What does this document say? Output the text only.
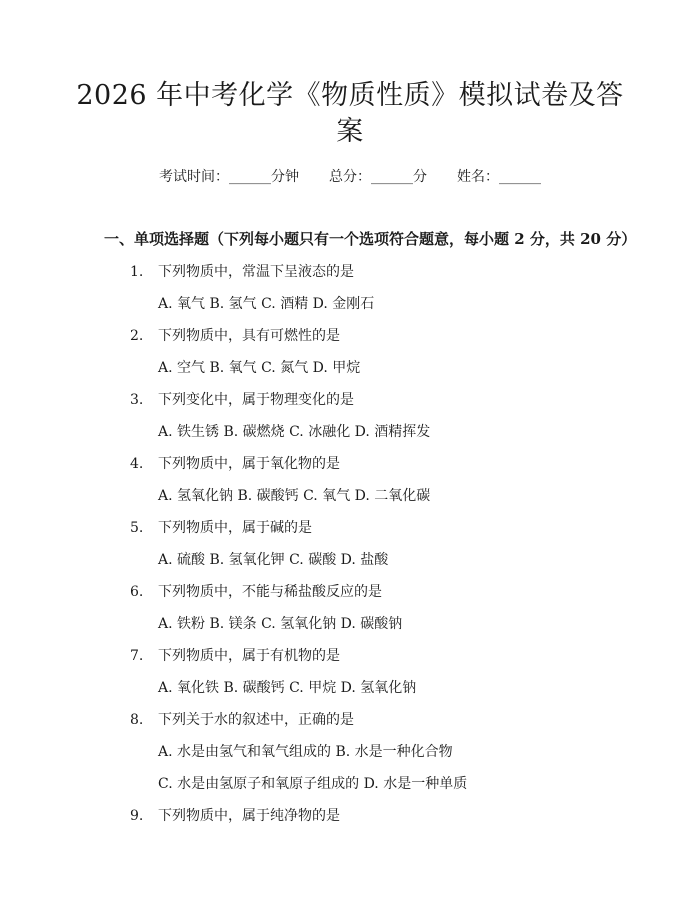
2026 年中考化学《物质性质》模拟试卷及答案
考试时间：______分钟 总分：______分 姓名：______
一、单项选择题（下列每小题只有一个选项符合题意，每小题 2 分，共 20 分）
1. 下列物质中，常温下呈液态的是
A. 氧气 B. 氢气 C. 酒精 D. 金刚石
2. 下列物质中，具有可燃性的是
A. 空气 B. 氧气 C. 氮气 D. 甲烷
3. 下列变化中，属于物理变化的是
A. 铁生锈 B. 碳燃烧 C. 冰融化 D. 酒精挥发
4. 下列物质中，属于氧化物的是
A. 氢氧化钠 B. 碳酸钙 C. 氧气 D. 二氧化碳
5. 下列物质中，属于碱的是
A. 硫酸 B. 氢氧化钾 C. 碳酸 D. 盐酸
6. 下列物质中，不能与稀盐酸反应的是
A. 铁粉 B. 镁条 C. 氢氧化钠 D. 碳酸钠
7. 下列物质中，属于有机物的是
A. 氧化铁 B. 碳酸钙 C. 甲烷 D. 氢氧化钠
8. 下列关于水的叙述中，正确的是
A. 水是由氢气和氧气组成的 B. 水是一种化合物
C. 水是由氢原子和氧原子组成的 D. 水是一种单质
9. 下列物质中，属于纯净物的是
